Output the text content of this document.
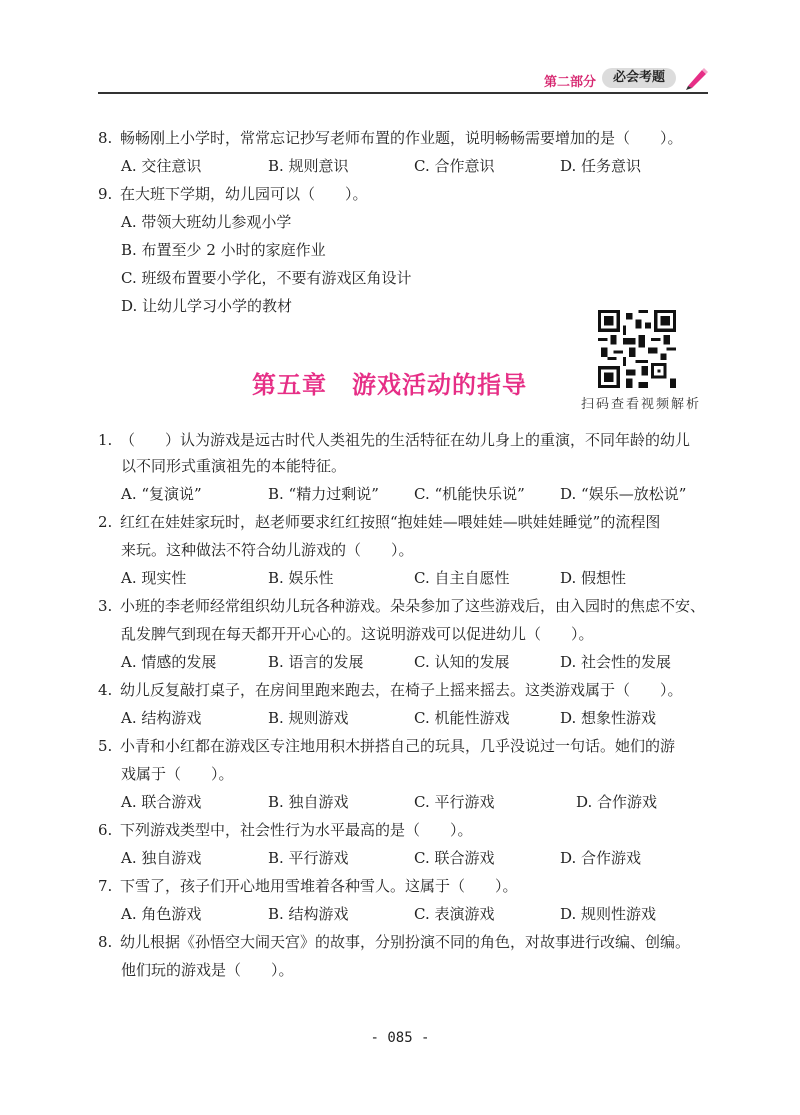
第二部分	必会考题
8. 畅畅刚上小学时，常常忘记抄写老师布置的作业题，说明畅畅需要增加的是（　　）。
A. 交往意识	B. 规则意识	C. 合作意识	D. 任务意识
9. 在大班下学期，幼儿园可以（　　）。
A. 带领大班幼儿参观小学
B. 布置至少 2 小时的家庭作业
C. 班级布置要小学化，不要有游戏区角设计
D. 让幼儿学习小学的教材
第五章　游戏活动的指导
扫码查看视频解析
1. （　　）认为游戏是远古时代人类祖先的生活特征在幼儿身上的重演，不同年龄的幼儿
以不同形式重演祖先的本能特征。
A. “复演说”	B. “精力过剩说” C. “机能快乐说” D. “娱乐—放松说”
2. 红红在娃娃家玩时，赵老师要求红红按照“抱娃娃—喂娃娃—哄娃娃睡觉”的流程图
来玩。这种做法不符合幼儿游戏的（　　）。
A. 现实性	B. 娱乐性	C. 自主自愿性	D. 假想性
3. 小班的李老师经常组织幼儿玩各种游戏。朵朵参加了这些游戏后，由入园时的焦虑不安、
乱发脾气到现在每天都开开心心的。这说明游戏可以促进幼儿（　　）。
A. 情感的发展	B. 语言的发展	C. 认知的发展	D. 社会性的发展
4. 幼儿反复敲打桌子，在房间里跑来跑去，在椅子上摇来摇去。这类游戏属于（　　）。
A. 结构游戏	B. 规则游戏	C. 机能性游戏	D. 想象性游戏
5. 小青和小红都在游戏区专注地用积木拼搭自己的玩具，几乎没说过一句话。她们的游
戏属于（　　）。
A. 联合游戏	B. 独自游戏	C. 平行游戏	D. 合作游戏
6. 下列游戏类型中，社会性行为水平最高的是（　　）。
A. 独自游戏	B. 平行游戏	C. 联合游戏	D. 合作游戏
7. 下雪了，孩子们开心地用雪堆着各种雪人。这属于（　　）。
A. 角色游戏	B. 结构游戏	C. 表演游戏	D. 规则性游戏
8. 幼儿根据《孙悟空大闹天宫》的故事，分别扮演不同的角色，对故事进行改编、创编。
他们玩的游戏是（　　）。
- 085 -
